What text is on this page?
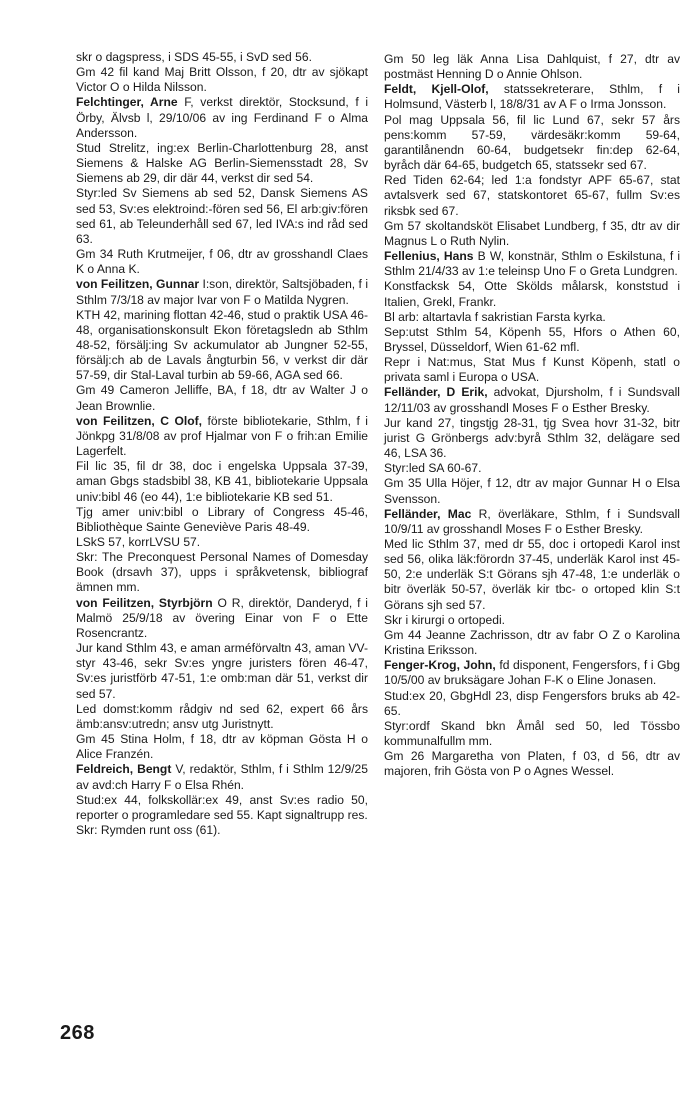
skr o dagspress, i SDS 45-55, i SvD sed 56.

Gm 42 fil kand Maj Britt Olsson, f 20, dtr av sjökapt Victor O o Hilda Nilsson.

Felchtinger, Arne F, verkst direktör, Stocksund, f i Örby, Älvsb l, 29/10/06 av ing Ferdinand F o Alma Andersson.

Stud Strelitz, ing:ex Berlin-Charlottenburg 28, anst Siemens & Halske AG Berlin-Siemensstadt 28, Sv Siemens ab 29, dir där 44, verkst dir sed 54.

Styr:led Sv Siemens ab sed 52, Dansk Siemens AS sed 53, Sv:es elektroind:-fören sed 56, El arb:giv:fören sed 61, ab Teleunderhåll sed 67, led IVA:s ind råd sed 63.

Gm 34 Ruth Krutmeijer, f 06, dtr av grosshandl Claes K o Anna K.

von Feilitzen, Gunnar I:son, direktör, Saltsjöbaden, f i Sthlm 7/3/18 av major Ivar von F o Matilda Nygren.

KTH 42, marining flottan 42-46, stud o praktik USA 46-48, organisationskonsult Ekon företagsledn ab Sthlm 48-52, försälj:ing Sv ackumulator ab Jungner 52-55, försälj:ch ab de Lavals ångturbin 56, v verkst dir där 57-59, dir Stal-Laval turbin ab 59-66, AGA sed 66.

Gm 49 Cameron Jelliffe, BA, f 18, dtr av Walter J o Jean Brownlie.

von Feilitzen, C Olof, förste bibliotekarie, Sthlm, f i Jönkpg 31/8/08 av prof Hjalmar von F o frih:an Emilie Lagerfelt.

Fil lic 35, fil dr 38, doc i engelska Uppsala 37-39, aman Gbgs stadsbibl 38, KB 41, bibliotekarie Uppsala univ:bibl 46 (eo 44), 1:e bibliotekarie KB sed 51.

Tjg amer univ:bibl o Library of Congress 45-46, Bibliothèque Sainte Geneviève Paris 48-49.

LSkS 57, korrLVSU 57.

Skr: The Preconquest Personal Names of Domesday Book (drsavh 37), upps i språkvetensk, bibliograf ämnen mm.

von Feilitzen, Styrbjörn O R, direktör, Danderyd, f i Malmö 25/9/18 av övering Einar von F o Ette Rosencrantz.

Jur kand Sthlm 43, e aman arméförvaltn 43, aman VV-styr 43-46, sekr Sv:es yngre juristers fören 46-47, Sv:es juristförb 47-51, 1:e omb:man där 51, verkst dir sed 57.

Led domst:komm rådgiv nd sed 62, expert 66 års ämb:ansv:utredn; ansv utg Juristnytt.

Gm 45 Stina Holm, f 18, dtr av köpman Gösta H o Alice Franzén.

Feldreich, Bengt V, redaktör, Sthlm, f i Sthlm 12/9/25 av avd:ch Harry F o Elsa Rhén.

Stud:ex 44, folkskollär:ex 49, anst Sv:es radio 50, reporter o programledare sed 55. Kapt signaltrupp res.

Skr: Rymden runt oss (61).

Gm 50 leg läk Anna Lisa Dahlquist, f 27, dtr av postmäst Henning D o Annie Ohlson.

Feldt, Kjell-Olof, statssekreterare, Sthlm, f i Holmsund, Västerb l, 18/8/31 av A F o Irma Jonsson.

Pol mag Uppsala 56, fil lic Lund 67, sekr 57 års pens:komm 57-59, värdesäkr:komm 59-64, garantilånendn 60-64, budgetsekr fin:dep 62-64, byråch där 64-65, budgetch 65, statssekr sed 67.

Red Tiden 62-64; led 1:a fondstyr APF 65-67, stat avtalsverk sed 67, statskontoret 65-67, fullm Sv:es riksbk sed 67.

Gm 57 skoltandsköt Elisabet Lundberg, f 35, dtr av dir Magnus L o Ruth Nylin.

Fellenius, Hans B W, konstnär, Sthlm o Eskilstuna, f i Sthlm 21/4/33 av 1:e teleinsp Uno F o Greta Lundgren.

Konstfacksk 54, Otte Skölds målarsk, konststud i Italien, Grekl, Frankr.

Bl arb: altartavla f sakristian Farsta kyrka.

Sep:utst Sthlm 54, Köpenh 55, Hfors o Athen 60, Bryssel, Düsseldorf, Wien 61-62 mfl.

Repr i Nat:mus, Stat Mus f Kunst Köpenh, statl o privata saml i Europa o USA.

Felländer, D Erik, advokat, Djursholm, f i Sundsvall 12/11/03 av grosshandl Moses F o Esther Bresky.

Jur kand 27, tingstjg 28-31, tjg Svea hovr 31-32, bitr jurist G Grönbergs adv:byrå Sthlm 32, delägare sed 46, LSA 36.

Styr:led SA 60-67.

Gm 35 Ulla Höjer, f 12, dtr av major Gunnar H o Elsa Svensson.

Felländer, Mac R, överläkare, Sthlm, f i Sundsvall 10/9/11 av grosshandl Moses F o Esther Bresky.

Med lic Sthlm 37, med dr 55, doc i ortopedi Karol inst sed 56, olika läk:förordn 37-45, underläk Karol inst 45-50, 2:e underläk S:t Görans sjh 47-48, 1:e underläk o bitr överläk 50-57, överläk kir tbc- o ortoped klin S:t Görans sjh sed 57.

Skr i kirurgi o ortopedi.

Gm 44 Jeanne Zachrisson, dtr av fabr O Z o Karolina Kristina Eriksson.

Fenger-Krog, John, fd disponent, Fengersfors, f i Gbg 10/5/00 av bruksägare Johan F-K o Eline Jonasen.

Stud:ex 20, GbgHdl 23, disp Fengersfors bruks ab 42-65.

Styr:ordf Skand bkn Åmål sed 50, led Tössbo kommunalfullm mm.

Gm 26 Margaretha von Platen, f 03, d 56, dtr av majoren, frih Gösta von P o Agnes Wessel.

268
